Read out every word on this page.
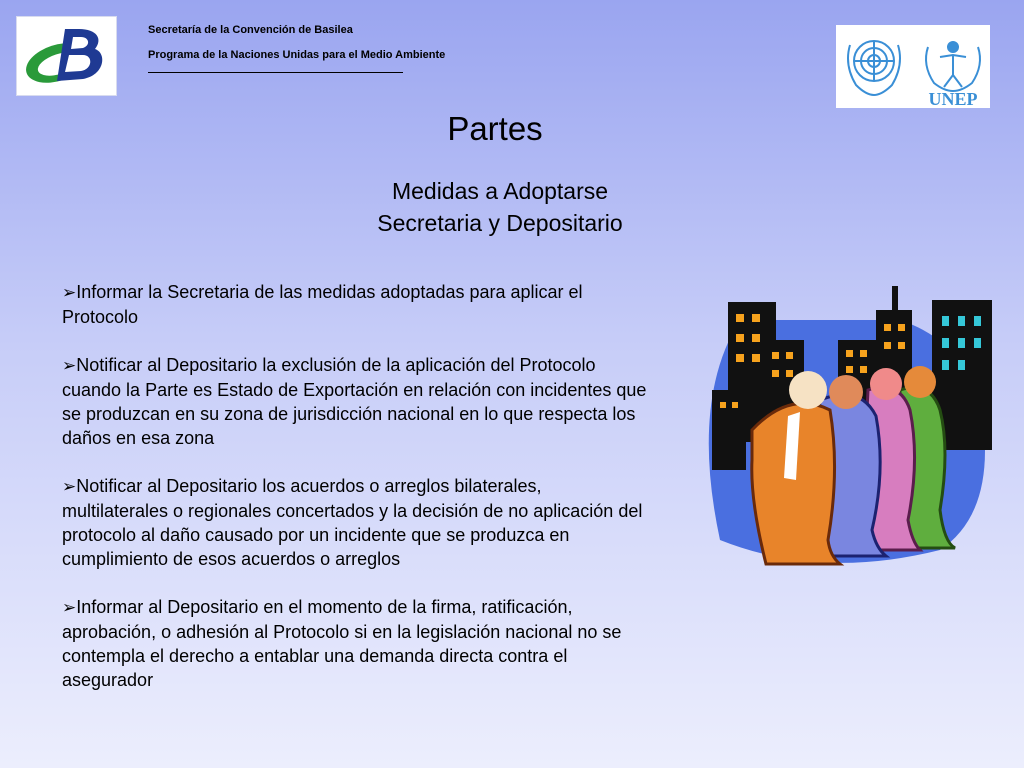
Secretaría de la Convención de Basilea
Programa de la Naciones Unidas para el Medio Ambiente
UNEP
Partes
Medidas a Adoptarse
Secretaria y Depositario
➢Informar la Secretaria de las medidas adoptadas para aplicar el Protocolo
➢Notificar al Depositario la exclusión de la aplicación del Protocolo cuando la Parte es Estado de Exportación en relación con incidentes que se produzcan en su zona de jurisdicción nacional en lo que respecta los daños en esa zona
➢Notificar al Depositario los acuerdos o arreglos bilaterales, multilaterales o regionales concertados y la decisión de no aplicación del protocolo al daño causado por un incidente que se produzca en cumplimiento de esos acuerdos o arreglos
➢Informar al Depositario en el momento de la firma, ratificación, aprobación, o adhesión al Protocolo si en la legislación nacional no se contempla el derecho a entablar una demanda directa contra el asegurador
